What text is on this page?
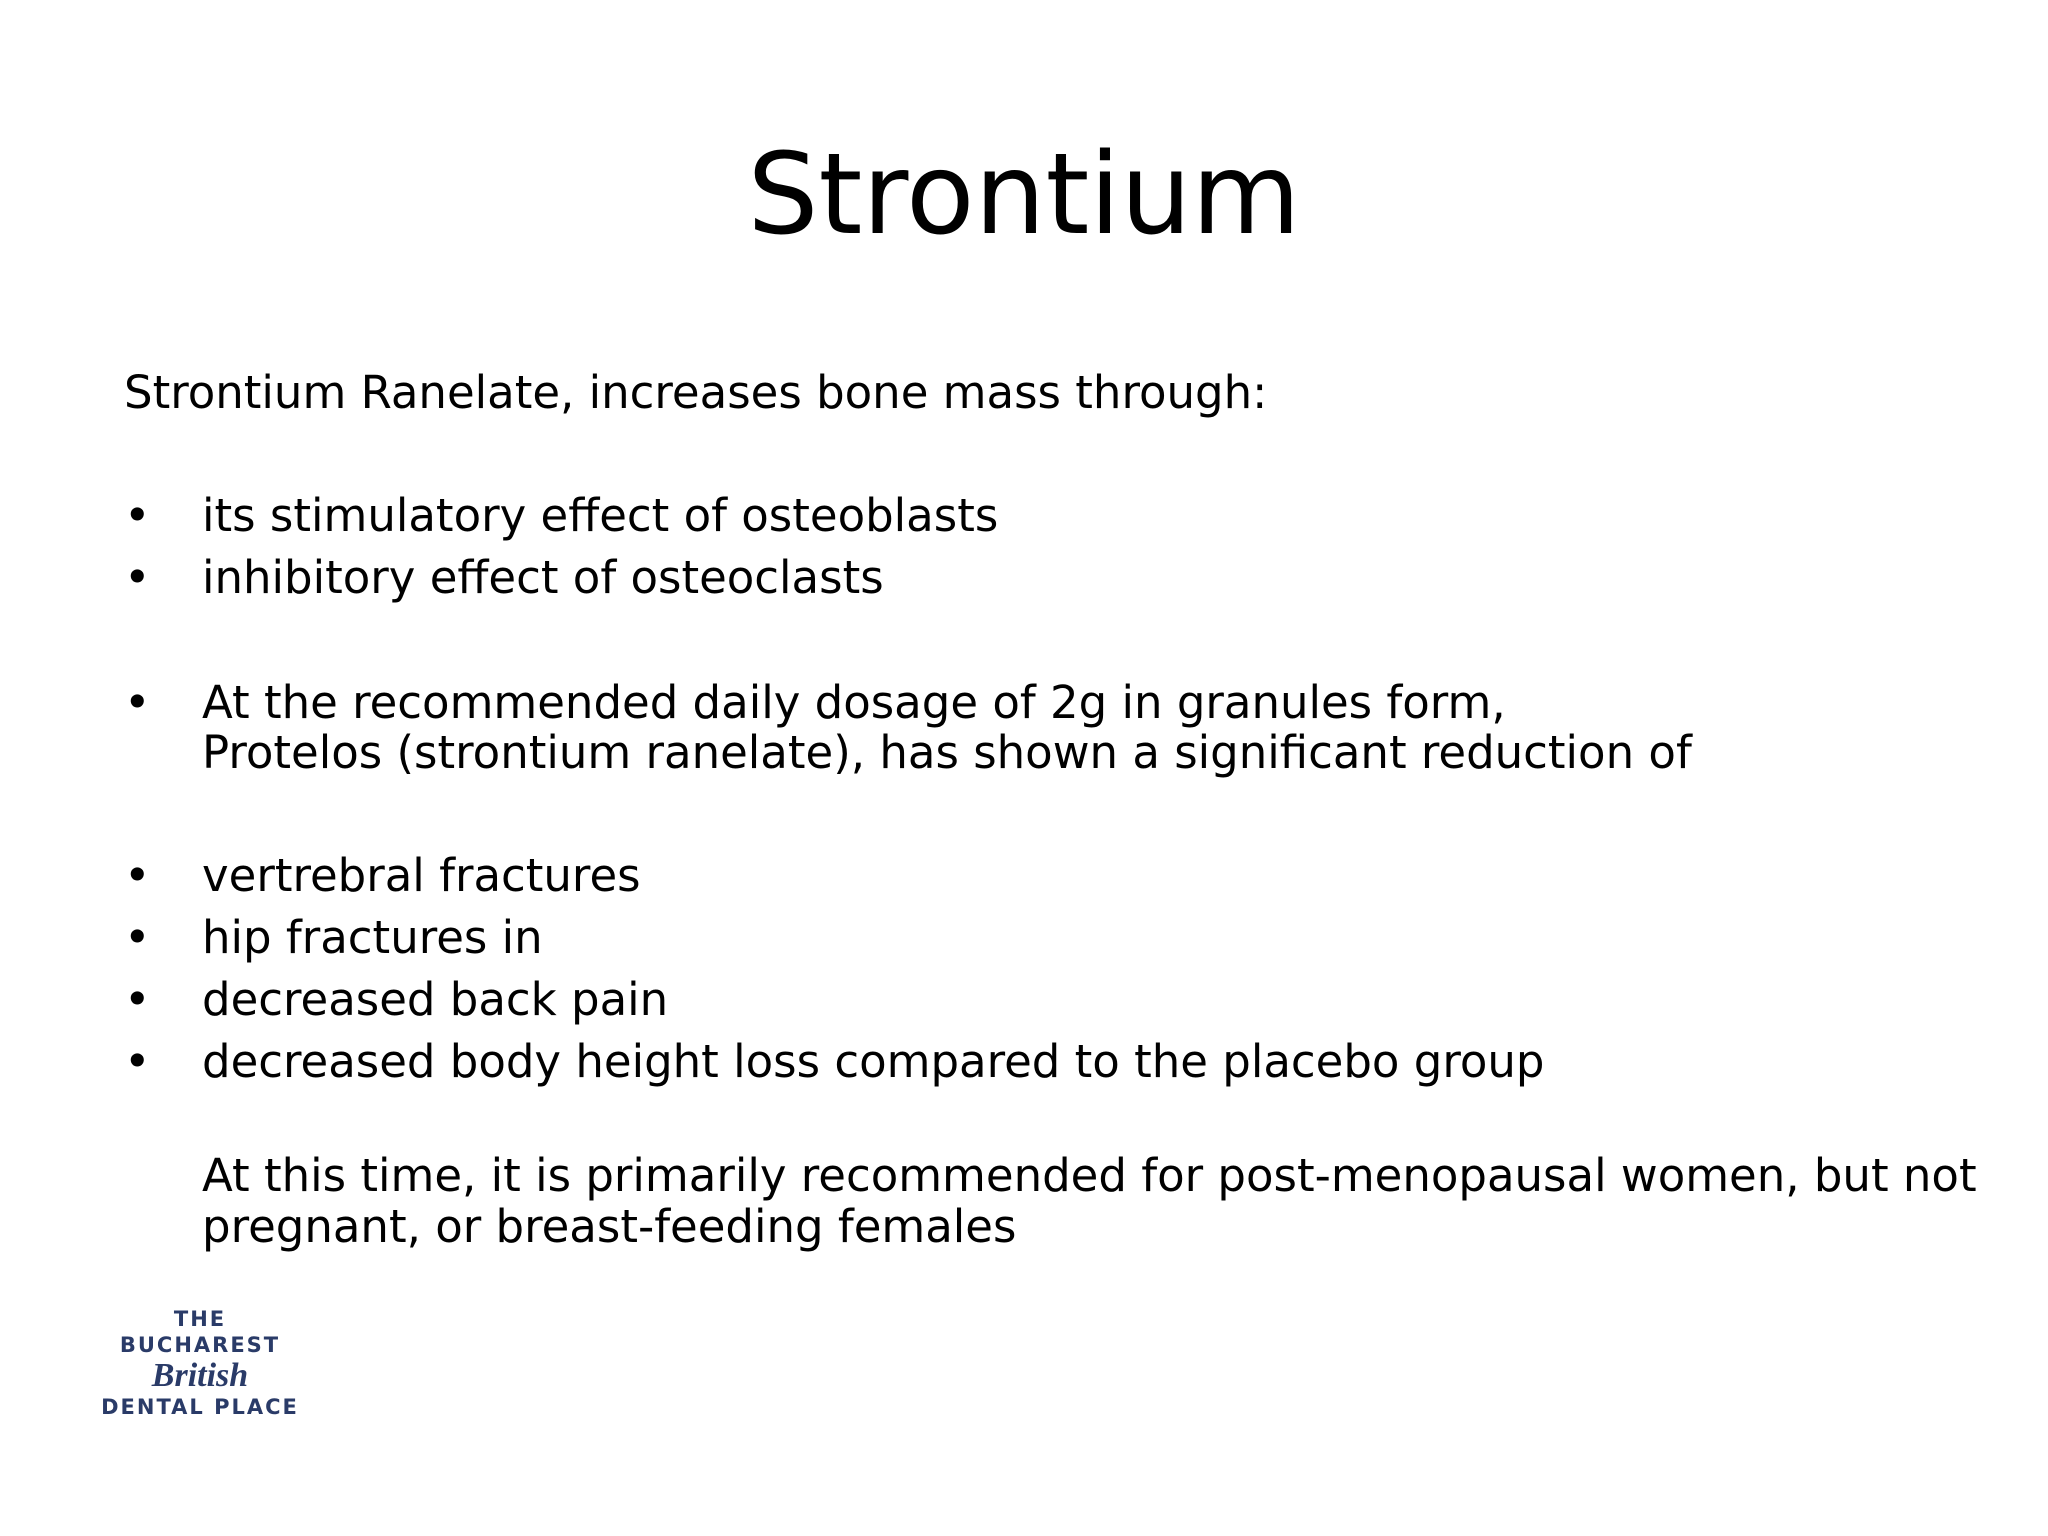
Strontium
Strontium Ranelate, increases bone mass through:
• its stimulatory effect of osteoblasts
• inhibitory effect of osteoclasts
• At the recommended daily dosage of 2g in granules form,
Protelos (strontium ranelate), has shown a significant reduction of
• vertrebral fractures
• hip fractures in
• decreased back pain
• decreased body height loss compared to the placebo group
At this time, it is primarily recommended for post-menopausal women, but not
pregnant, or breast-feeding females
THE
BUCHAREST
British
DENTAL PLACE
